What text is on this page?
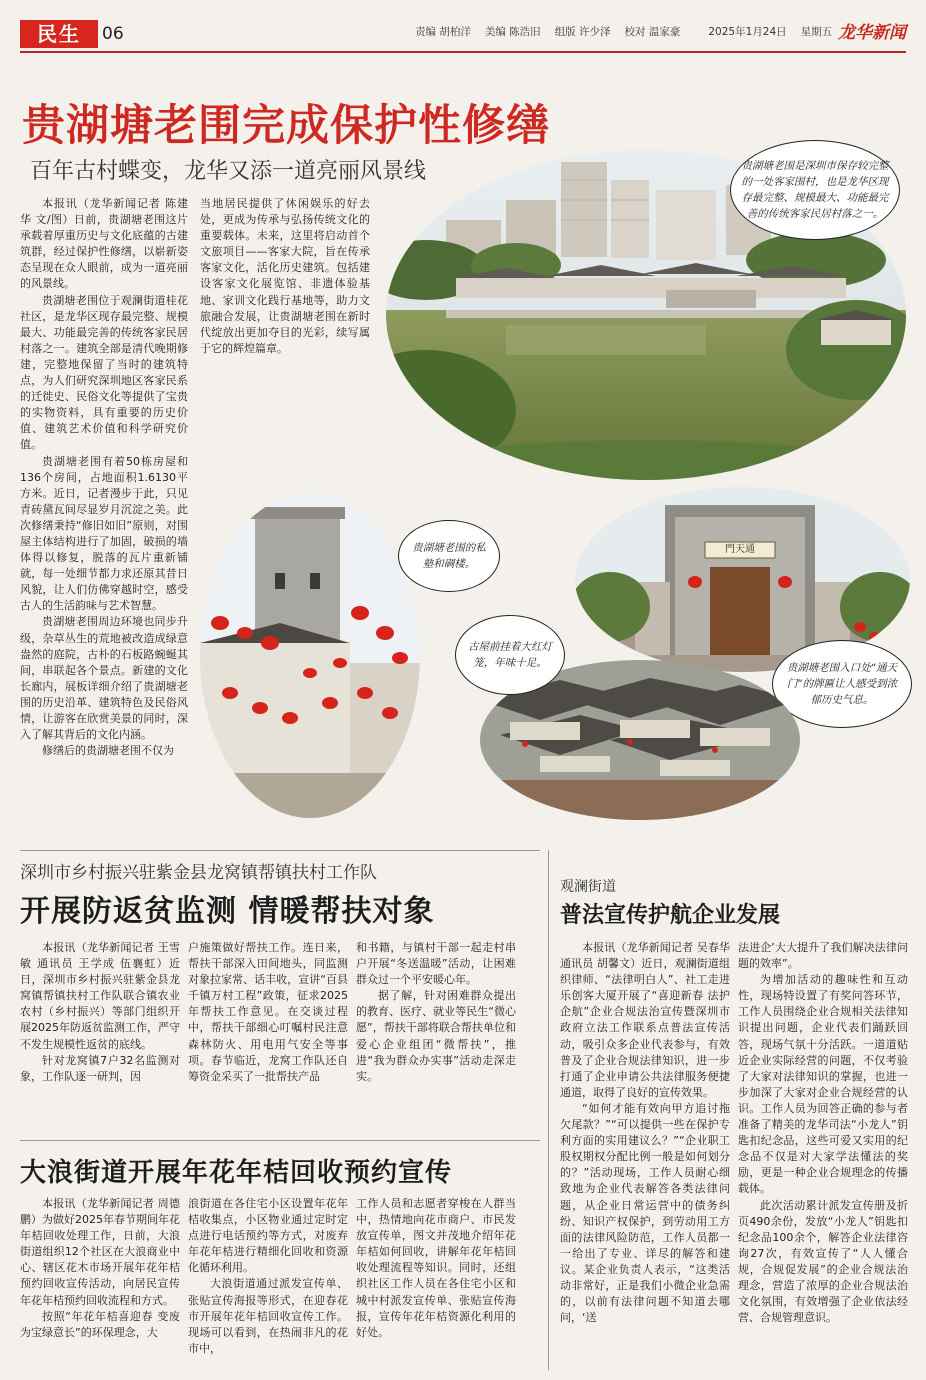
民生	06	责编 胡柏洋 美编 陈浩旧 组版 许少泽 校对 温家豪	2025年1月24日 星期五 龙华新闻
贵湖塘老围完成保护性修缮
百年古村蝶变，龙华又添一道亮丽风景线

本报讯（龙华新闻记者 陈建华 文/图）日前，贵湖塘老围这片承载着厚重历史与文化底蕴的古建筑群，经过保护性修缮，以崭新姿态呈现在众人眼前，成为一道亮丽的风景线。

贵湖塘老围位于观澜街道桂花社区，是龙华区现存最完整、规模最大、功能最完善的传统客家民居村落之一。建筑全部是清代晚期修建，完整地保留了当时的建筑特点，为人们研究深圳地区客家民系的迁徙史、民俗文化等提供了宝贵的实物资料，具有重要的历史价值、建筑艺术价值和科学研究价值。

贵湖塘老围有着50栋房屋和136个房间，占地面积1.6130平方米。近日，记者漫步于此，只见青砖黛瓦间尽显岁月沉淀之美。此次修缮秉持“修旧如旧”原则，对围屋主体结构进行了加固，破损的墙体得以修复，脱落的瓦片重新铺就，每一处细节都力求还原其昔日风貌，让人们仿佛穿越时空，感受古人的生活韵味与艺术智慧。

贵湖塘老围周边环境也同步升级，杂草丛生的荒地被改造成绿意盎然的庭院，古朴的石板路蜿蜒其间，串联起各个景点。新建的文化长廊内，展板详细介绍了贵湖塘老围的历史沿革、建筑特色及民俗风情，让游客在欣赏美景的同时，深入了解其背后的文化内涵。

修缮后的贵湖塘老围不仅为

当地居民提供了休闲娱乐的好去处，更成为传承与弘扬传统文化的重要载体。未来，这里将启动首个文旅项目——客家大院，旨在传承客家文化，活化历史建筑。包括建设客家文化展览馆、非遗体验基地、家训文化践行基地等，助力文旅融合发展，让贵湖塘老围在新时代绽放出更加夺目的光彩，续写属于它的辉煌篇章。

贵湖塘老围是深圳市保存较完整的一处客家围村，也是龙华区现存最完整、规模最大、功能最完善的传统客家民居村落之一。
贵湖塘老围的私塾和碉楼。
門天通
贵湖塘老围入口处“通天门”的牌匾让人感受到浓郁历史气息。
古屋前挂着大红灯笼，年味十足。
深圳市乡村振兴驻紫金县龙窝镇帮镇扶村工作队
开展防返贫监测 情暖帮扶对象

本报讯（龙华新闻记者 王雪敏 通讯员 王学成 伍襄虹）近日，深圳市乡村振兴驻紫金县龙窝镇帮镇扶村工作队联合镇农业农村（乡村振兴）等部门组织开展2025年防返贫监测工作，严守不发生规模性返贫的底线。

针对龙窝镇7户32名监测对象，工作队逐一研判，因

户施策做好帮扶工作。连日来，帮扶干部深入田间地头，同监测对象拉家常、话丰收，宣讲“百县千镇万村工程”政策，征求2025年帮扶工作意见。在交谈过程中，帮扶干部细心叮嘱村民注意森林防火、用电用气安全等事项。春节临近，龙窝工作队还自筹资金采买了一批帮扶产品

和书籍，与镇村干部一起走村串户开展“冬送温暖”活动，让困难群众过一个平安暖心年。

据了解，针对困难群众提出的教育、医疗、就业等民生“微心愿”，帮扶干部将联合帮扶单位和爱心企业组团“微帮扶”，推进“我为群众办实事”活动走深走实。

大浪街道开展年花年桔回收预约宣传

本报讯（龙华新闻记者 周德鹏）为做好2025年春节期间年花年桔回收处理工作，日前，大浪街道组织12个社区在大浪商业中心、辖区花木市场开展年花年桔预约回收宣传活动，向居民宣传年花年桔预约回收流程和方式。

按照“年花年桔喜迎春 变废为宝绿意长”的环保理念，大

浪街道在各住宅小区设置年花年桔收集点，小区物业通过定时定点进行电话预约等方式，对废弃年花年桔进行精细化回收和资源化循环利用。

大浪街道通过派发宣传单、张贴宣传海报等形式，在迎春花市开展年花年桔回收宣传工作。现场可以看到，在热闹非凡的花市中，

工作人员和志愿者穿梭在人群当中，热情地向花市商户、市民发放宣传单，图文并茂地介绍年花年桔如何回收，讲解年花年桔回收处理流程等知识。同时，还组织社区工作人员在各住宅小区和城中村派发宣传单、张贴宣传海报，宣传年花年桔资源化利用的好处。

观澜街道
普法宣传护航企业发展

本报讯（龙华新闻记者 吴春华 通讯员 胡馨文）近日，观澜街道组织律师、“法律明白人”、社工走进乐创客大厦开展了“喜迎新春 法护企航”企业合规法治宣传暨深圳市政府立法工作联系点普法宣传活动，吸引众多企业代表参与，有效普及了企业合规法律知识，进一步打通了企业申请公共法律服务便捷通道，取得了良好的宣传效果。

“如何才能有效向甲方追讨拖欠尾款？”“可以提供一些在保护专利方面的实用建议么？”“企业职工股权期权分配比例一般是如何划分的？”活动现场，工作人员耐心细致地为企业代表解答各类法律问题，从企业日常运营中的债务纠纷、知识产权保护，到劳动用工方面的法律风险防范，工作人员都一一给出了专业、详尽的解答和建议。某企业负责人表示，“这类活动非常好，正是我们小微企业急需的，以前有法律问题不知道去哪问，‘送

法进企’大大提升了我们解决法律问题的效率”。

为增加活动的趣味性和互动性，现场特设置了有奖问答环节，工作人员围绕企业合规相关法律知识提出问题，企业代表们踊跃回答，现场气氛十分活跃。一道道贴近企业实际经营的问题，不仅考验了大家对法律知识的掌握，也进一步加深了大家对企业合规经营的认识。工作人员为回答正确的参与者准备了精美的龙华司法“小龙人”钥匙扣纪念品，这些可爱又实用的纪念品不仅是对大家学法懂法的奖励，更是一种企业合规理念的传播载体。

此次活动累计派发宣传册及折页490余份，发放“小龙人”钥匙扣纪念品100余个，解答企业法律咨询27次，有效宣传了“人人懂合规，合规促发展”的企业合规法治理念，营造了浓厚的企业合规法治文化氛围，有效增强了企业依法经营、合规管理意识。
